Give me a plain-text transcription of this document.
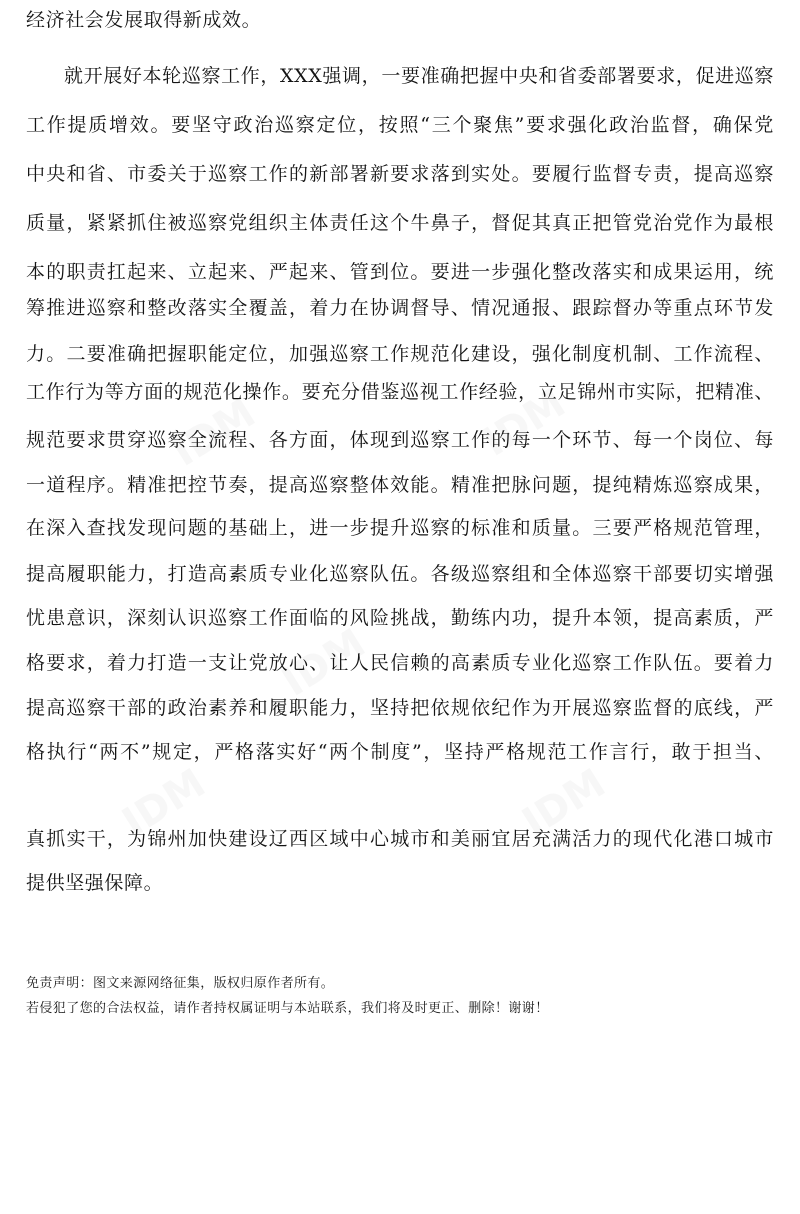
IDM	IDM
IDM
IDM	IDM
经济社会发展取得新成效。
就开展好本轮巡察工作，XXX强调，一要准确把握中央和省委部署要求，促进巡察
工作提质增效。要坚守政治巡察定位，按照“三个聚焦”要求强化政治监督，确保党
中央和省、市委关于巡察工作的新部署新要求落到实处。要履行监督专责，提高巡察
质量，紧紧抓住被巡察党组织主体责任这个牛鼻子，督促其真正把管党治党作为最根
本的职责扛起来、立起来、严起来、管到位。要进一步强化整改落实和成果运用，统
筹推进巡察和整改落实全覆盖，着力在协调督导、情况通报、跟踪督办等重点环节发
力。二要准确把握职能定位，加强巡察工作规范化建设，强化制度机制、工作流程、
工作行为等方面的规范化操作。要充分借鉴巡视工作经验，立足锦州市实际，把精准、
规范要求贯穿巡察全流程、各方面，体现到巡察工作的每一个环节、每一个岗位、每
一道程序。精准把控节奏，提高巡察整体效能。精准把脉问题，提纯精炼巡察成果，
在深入查找发现问题的基础上，进一步提升巡察的标准和质量。三要严格规范管理，
提高履职能力，打造高素质专业化巡察队伍。各级巡察组和全体巡察干部要切实增强
忧患意识，深刻认识巡察工作面临的风险挑战，勤练内功，提升本领，提高素质，严
格要求，着力打造一支让党放心、让人民信赖的高素质专业化巡察工作队伍。要着力
提高巡察干部的政治素养和履职能力，坚持把依规依纪作为开展巡察监督的底线，严
格执行“两不”规定，严格落实好“两个制度”，坚持严格规范工作言行，敢于担当、
真抓实干，为锦州加快建设辽西区域中心城市和美丽宜居充满活力的现代化港口城市
提供坚强保障。
免责声明：图文来源网络征集，版权归原作者所有。
若侵犯了您的合法权益，请作者持权属证明与本站联系，我们将及时更正、删除！谢谢！
